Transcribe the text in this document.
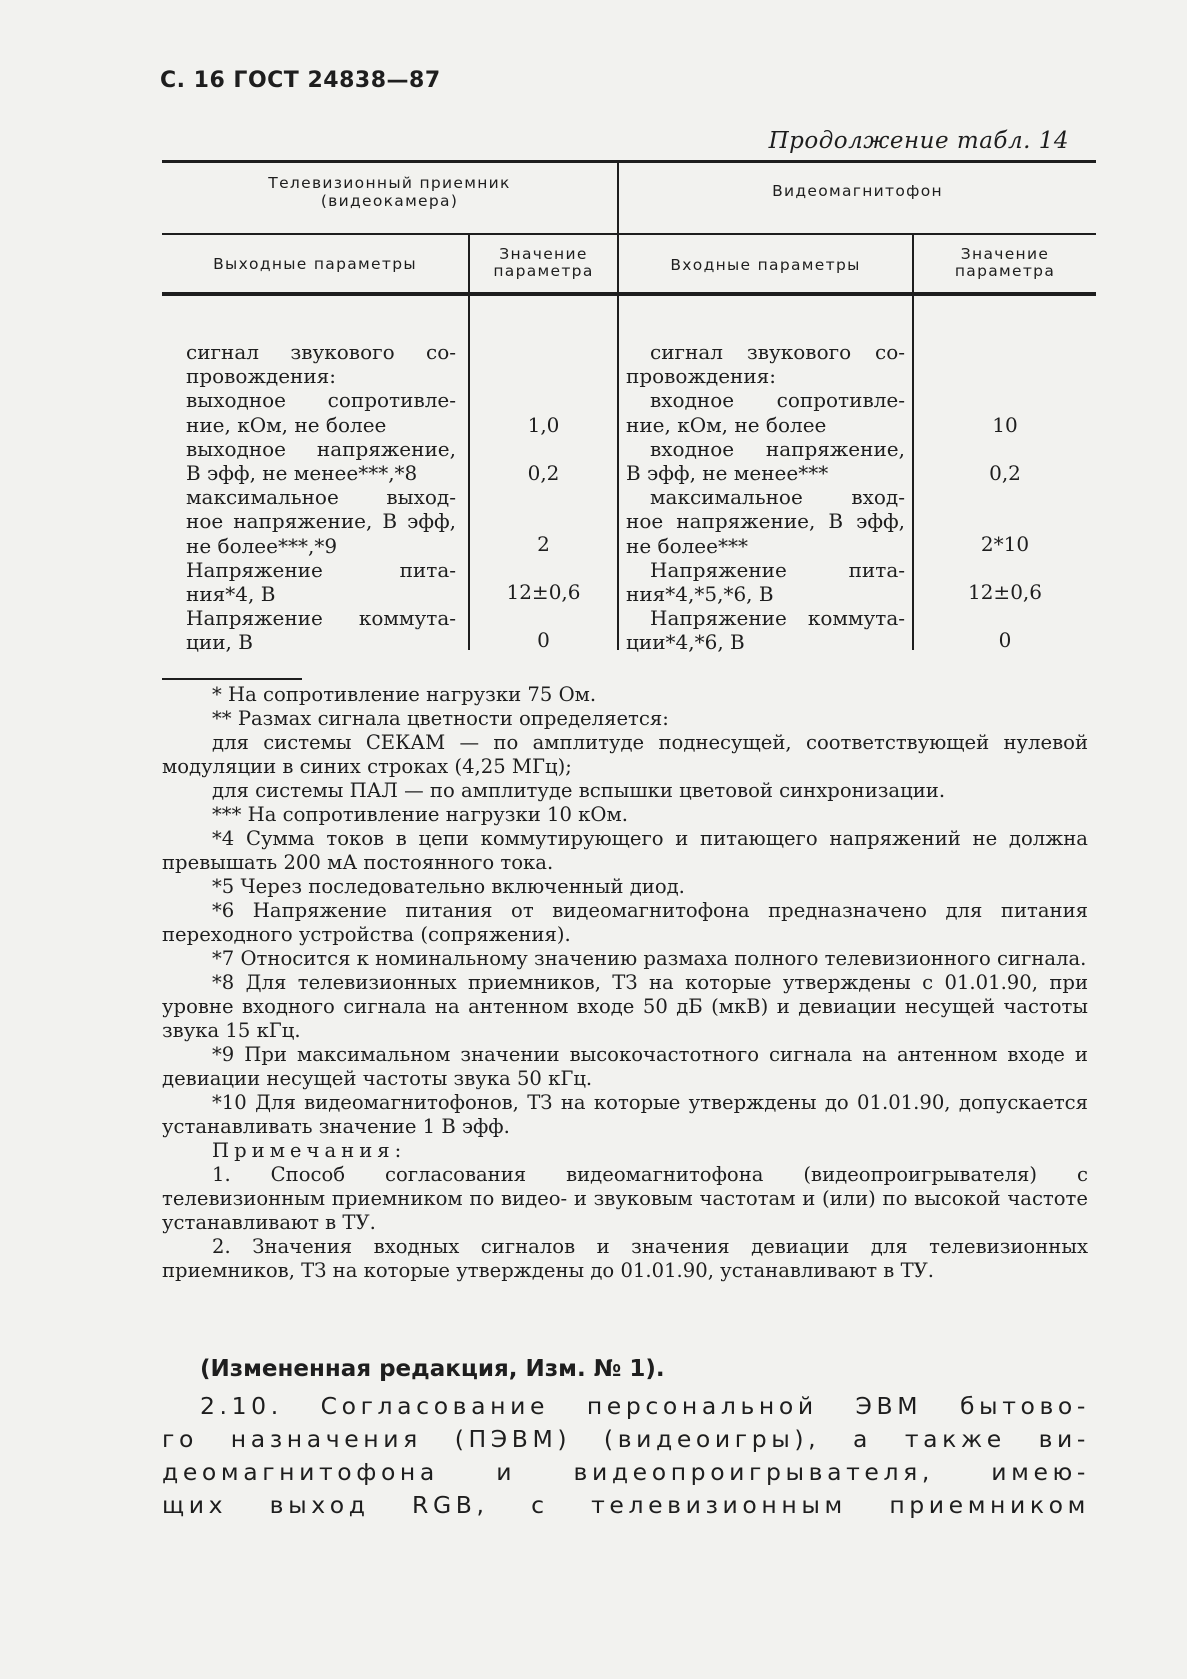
С. 16 ГОСТ 24838—87
Продолжение табл. 14
Телевизионный приемник
(видеокамера)
Видеомагнитофон
Выходные параметры
Значение
параметра	Входные параметры
Значение
параметра
сигнал звукового со-
провождения:
выходное сопротивле-
ние, кОм, не более
выходное напряжение,
В эфф, не менее***,*8
максимальное выход-
ное напряжение, В эфф,
не более***,*9
Напряжение пита-
ния*4, В
Напряжение коммута-
ции, В
1,0
0,2
2
12±0,6
0
сигнал звукового со-
провождения:
входное сопротивле-
ние, кОм, не более
входное напряжение,
В эфф, не менее***
максимальное вход-
ное напряжение, В эфф,
не более***
Напряжение пита-
ния*4,*5,*6, В
Напряжение коммута-
ции*4,*6, В
10
0,2
2*10
12±0,6
0
* На сопротивление нагрузки 75 Ом.
** Размах сигнала цветности определяется:
для системы СЕКАМ — по амплитуде поднесущей, соответствующей нулевой модуляции в синих строках (4,25 МГц);
для системы ПАЛ — по амплитуде вспышки цветовой синхронизации.
*** На сопротивление нагрузки 10 кОм.
*4 Сумма токов в цепи коммутирующего и питающего напряжений не должна превышать 200 мА постоянного тока.
*5 Через последовательно включенный диод.
*6 Напряжение питания от видеомагнитофона предназначено для питания переходного устройства (сопряжения).
*7 Относится к номинальному значению размаха полного телевизионного сигнала.
*8 Для телевизионных приемников, ТЗ на которые утверждены с 01.01.90, при уровне входного сигнала на антенном входе 50 дБ (мкВ) и девиации несущей частоты звука 15 кГц.
*9 При максимальном значении высокочастотного сигнала на антенном входе и девиации несущей частоты звука 50 кГц.
*10 Для видеомагнитофонов, ТЗ на которые утверждены до 01.01.90, допускается устанавливать значение 1 В эфф.
Примечания:
1. Способ согласования видеомагнитофона (видеопроигрывателя) с телевизионным приемником по видео- и звуковым частотам и (или) по высокой частоте устанавливают в ТУ.
2. Значения входных сигналов и значения девиации для телевизионных приемников, ТЗ на которые утверждены до 01.01.90, устанавливают в ТУ.
(Измененная редакция, Изм. № 1).
2.10. Согласование персональной ЭВМ бытово-
го назначения (ПЭВМ) (видеоигры), а также ви-
деомагнитофона и видеопроигрывателя, имею-
щих выход RGB, с телевизионным приемником
